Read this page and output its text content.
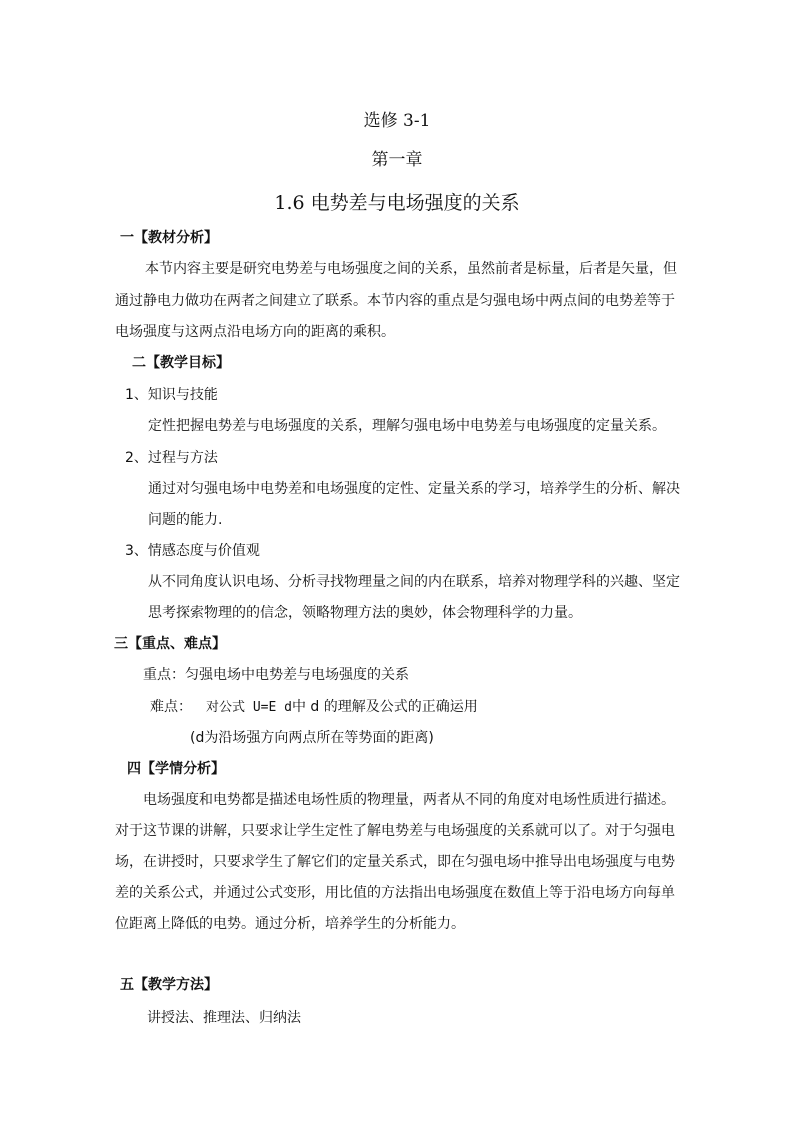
选修 3-1
第一章
1.6 电势差与电场强度的关系
一【教材分析】
本节内容主要是研究电势差与电场强度之间的关系，虽然前者是标量，后者是矢量，但
通过静电力做功在两者之间建立了联系。本节内容的重点是匀强电场中两点间的电势差等于
电场强度与这两点沿电场方向的距离的乘积。
二【教学目标】
1、知识与技能
定性把握电势差与电场强度的关系，理解匀强电场中电势差与电场强度的定量关系。
2、过程与方法
通过对匀强电场中电势差和电场强度的定性、定量关系的学习，培养学生的分析、解决
问题的能力.
3、情感态度与价值观
从不同角度认识电场、分析寻找物理量之间的内在联系，培养对物理学科的兴趣、坚定
思考探索物理的的信念，领略物理方法的奥妙，体会物理科学的力量。
三【重点、难点】
重点：匀强电场中电势差与电场强度的关系
难点： 对公式 U=E d中 d 的理解及公式的正确运用
(d为沿场强方向两点所在等势面的距离)
四【学情分析】
电场强度和电势都是描述电场性质的物理量，两者从不同的角度对电场性质进行描述。
对于这节课的讲解，只要求让学生定性了解电势差与电场强度的关系就可以了。对于匀强电
场，在讲授时，只要求学生了解它们的定量关系式，即在匀强电场中推导出电场强度与电势
差的关系公式，并通过公式变形，用比值的方法指出电场强度在数值上等于沿电场方向每单
位距离上降低的电势。通过分析，培养学生的分析能力。
五【教学方法】
讲授法、推理法、归纳法
